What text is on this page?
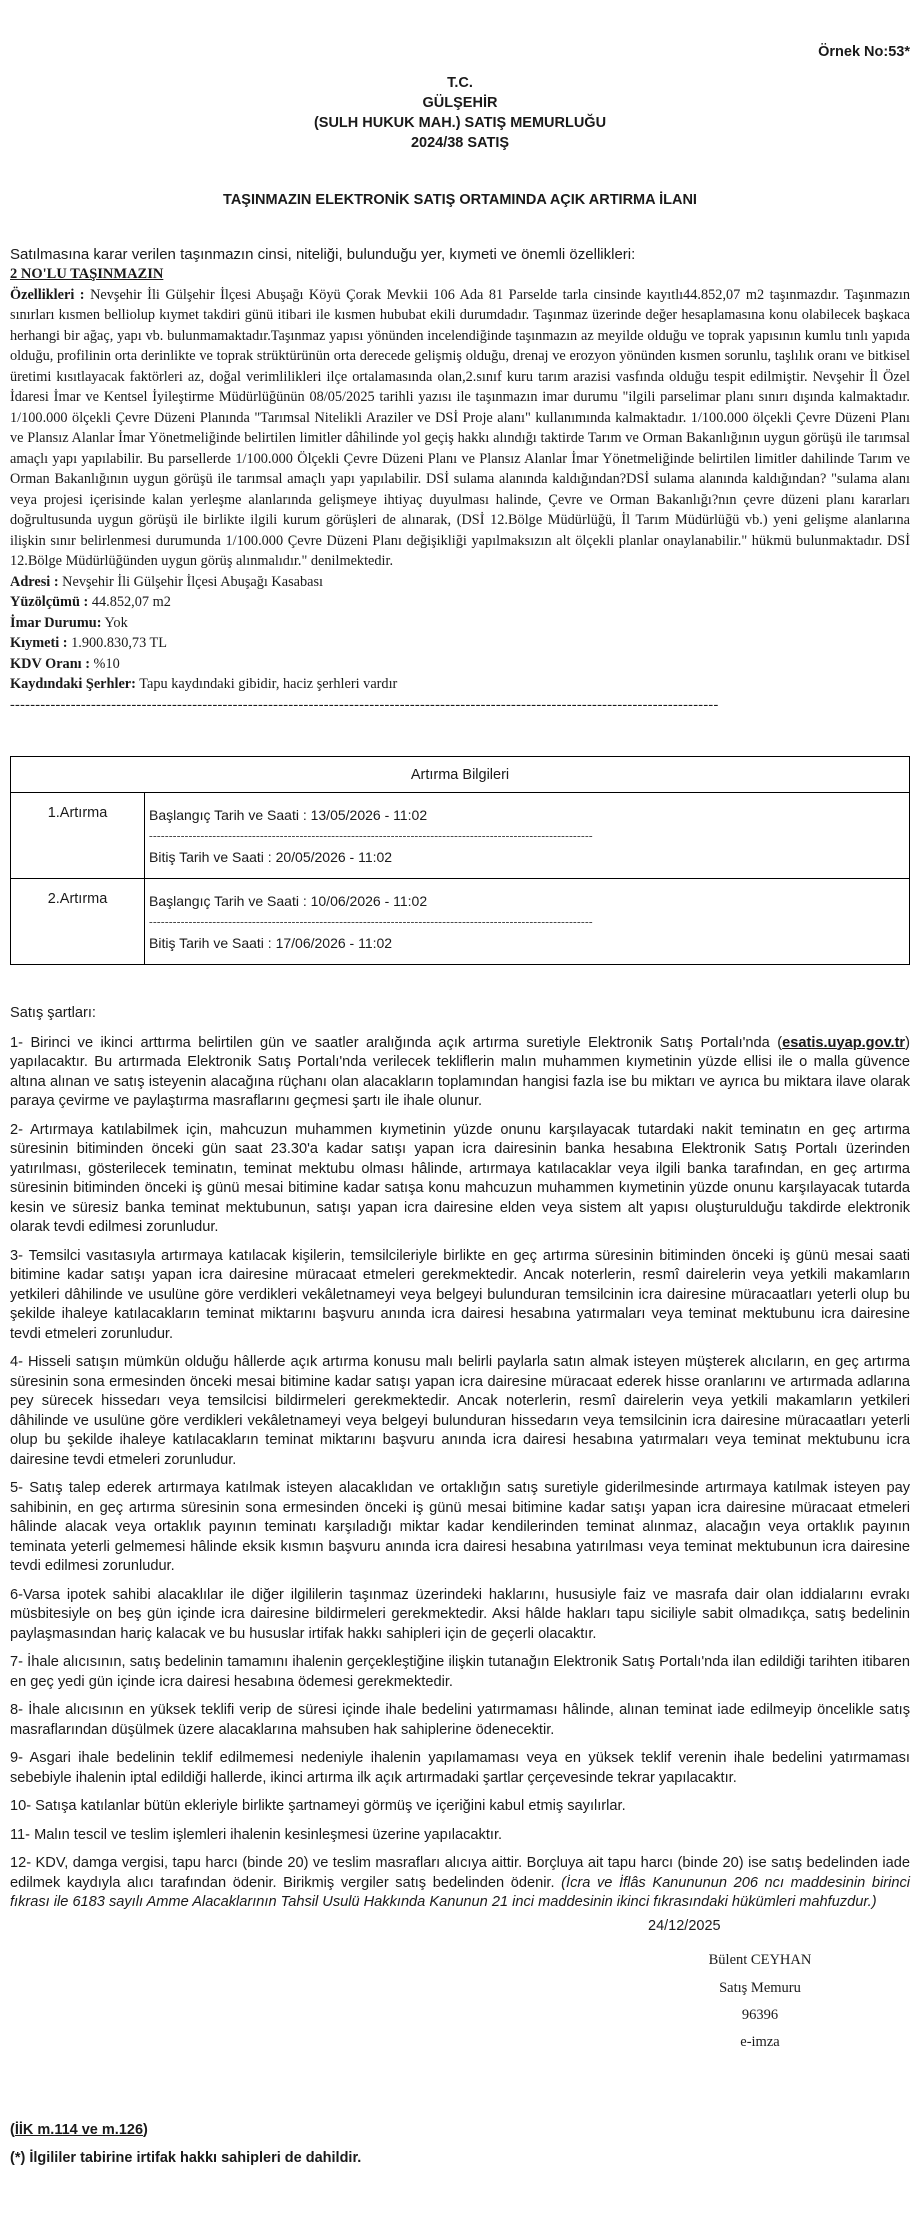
Örnek No:53*
T.C.
GÜLŞEHİR
(SULH HUKUK MAH.) SATIŞ MEMURLUĞU
2024/38 SATIŞ
TAŞINMAZIN ELEKTRONİK SATIŞ ORTAMINDA AÇIK ARTIRMA İLANI
Satılmasına karar verilen taşınmazın cinsi, niteliği, bulunduğu yer, kıymeti ve önemli özellikleri:
2 NO'LU TAŞINMAZIN
Özellikleri : Nevşehir İli Gülşehir İlçesi Abuşağı Köyü Çorak Mevkii 106 Ada 81 Parselde tarla cinsinde kayıtlı44.852,07 m2 taşınmazdır. Taşınmazın sınırları kısmen belliolup kıymet takdiri günü itibari ile kısmen hububat ekili durumdadır. Taşınmaz üzerinde değer hesaplamasına konu olabilecek başkaca herhangi bir ağaç, yapı vb. bulunmamaktadır.Taşınmaz yapısı yönünden incelendiğinde taşınmazın az meyilde olduğu ve toprak yapısının kumlu tınlı yapıda olduğu, profilinin orta derinlikte ve toprak strüktürünün orta derecede gelişmiş olduğu, drenaj ve erozyon yönünden kısmen sorunlu, taşlılık oranı ve bitkisel üretimi kısıtlayacak faktörleri az, doğal verimlilikleri ilçe ortalamasında olan,2.sınıf kuru tarım arazisi vasfında olduğu tespit edilmiştir. Nevşehir İl Özel İdaresi İmar ve Kentsel İyileştirme Müdürlüğünün 08/05/2025 tarihli yazısı ile taşınmazın imar durumu "ilgili parselimar planı sınırı dışında kalmaktadır. 1/100.000 ölçekli Çevre Düzeni Planında "Tarımsal Nitelikli Araziler ve DSİ Proje alanı" kullanımında kalmaktadır. 1/100.000 ölçekli Çevre Düzeni Planı ve Plansız Alanlar İmar Yönetmeliğinde belirtilen limitler dâhilinde yol geçiş hakkı alındığı taktirde Tarım ve Orman Bakanlığının uygun görüşü ile tarımsal amaçlı yapı yapılabilir. Bu parsellerde 1/100.000 Ölçekli Çevre Düzeni Planı ve Plansız Alanlar İmar Yönetmeliğinde belirtilen limitler dahilinde Tarım ve Orman Bakanlığının uygun görüşü ile tarımsal amaçlı yapı yapılabilir. DSİ sulama alanında kaldığından?DSİ sulama alanında kaldığından? "sulama alanı veya projesi içerisinde kalan yerleşme alanlarında gelişmeye ihtiyaç duyulması halinde, Çevre ve Orman Bakanlığı?nın çevre düzeni planı kararları doğrultusunda uygun görüşü ile birlikte ilgili kurum görüşleri de alınarak, (DSİ 12.Bölge Müdürlüğü, İl Tarım Müdürlüğü vb.) yeni gelişme alanlarına ilişkin sınır belirlenmesi durumunda 1/100.000 Çevre Düzeni Planı değişikliği yapılmaksızın alt ölçekli planlar onaylanabilir." hükmü bulunmaktadır. DSİ 12.Bölge Müdürlüğünden uygun görüş alınmalıdır." denilmektedir.
Adresi : Nevşehir İli Gülşehir İlçesi Abuşağı Kasabası
Yüzölçümü : 44.852,07 m2
İmar Durumu: Yok
Kıymeti : 1.900.830,73 TL
KDV Oranı : %10
Kaydındaki Şerhler: Tapu kaydındaki gibidir, haciz şerhleri vardır
--------------------------------------------------------------------------------------------------------------------------------------------
Artırma Bilgileri	
1.Artırma	Başlangıç Tarih ve Saati : 13/05/2026 - 11:02
----------------------------------------------------------------------------------------------------------------
Bitiş Tarih ve Saati : 20/05/2026 - 11:02

2.Artırma	Başlangıç Tarih ve Saati : 10/06/2026 - 11:02
----------------------------------------------------------------------------------------------------------------
Bitiş Tarih ve Saati : 17/06/2026 - 11:02
Satış şartları:

1- Birinci ve ikinci arttırma belirtilen gün ve saatler aralığında açık artırma suretiyle Elektronik Satış Portalı'nda (esatis.uyap.gov.tr) yapılacaktır. Bu artırmada Elektronik Satış Portalı'nda verilecek tekliflerin malın muhammen kıymetinin yüzde ellisi ile o malla güvence altına alınan ve satış isteyenin alacağına rüçhanı olan alacakların toplamından hangisi fazla ise bu miktarı ve ayrıca bu miktara ilave olarak paraya çevirme ve paylaştırma masraflarını geçmesi şartı ile ihale olunur.

2- Artırmaya katılabilmek için, mahcuzun muhammen kıymetinin yüzde onunu karşılayacak tutardaki nakit teminatın en geç artırma süresinin bitiminden önceki gün saat 23.30'a kadar satışı yapan icra dairesinin banka hesabına Elektronik Satış Portalı üzerinden yatırılması, gösterilecek teminatın, teminat mektubu olması hâlinde, artırmaya katılacaklar veya ilgili banka tarafından, en geç artırma süresinin bitiminden önceki iş günü mesai bitimine kadar satışa konu mahcuzun muhammen kıymetinin yüzde onunu karşılayacak tutarda kesin ve süresiz banka teminat mektubunun, satışı yapan icra dairesine elden veya sistem alt yapısı oluşturulduğu takdirde elektronik olarak tevdi edilmesi zorunludur.

3- Temsilci vasıtasıyla artırmaya katılacak kişilerin, temsilcileriyle birlikte en geç artırma süresinin bitiminden önceki iş günü mesai saati bitimine kadar satışı yapan icra dairesine müracaat etmeleri gerekmektedir. Ancak noterlerin, resmî dairelerin veya yetkili makamların yetkileri dâhilinde ve usulüne göre verdikleri vekâletnameyi veya belgeyi bulunduran temsilcinin icra dairesine müracaatları yeterli olup bu şekilde ihaleye katılacakların teminat miktarını başvuru anında icra dairesi hesabına yatırmaları veya teminat mektubunu icra dairesine tevdi etmeleri zorunludur.

4- Hisseli satışın mümkün olduğu hâllerde açık artırma konusu malı belirli paylarla satın almak isteyen müşterek alıcıların, en geç artırma süresinin sona ermesinden önceki mesai bitimine kadar satışı yapan icra dairesine müracaat ederek hisse oranlarını ve artırmada adlarına pey sürecek hissedarı veya temsilcisi bildirmeleri gerekmektedir. Ancak noterlerin, resmî dairelerin veya yetkili makamların yetkileri dâhilinde ve usulüne göre verdikleri vekâletnameyi veya belgeyi bulunduran hissedarın veya temsilcinin icra dairesine müracaatları yeterli olup bu şekilde ihaleye katılacakların teminat miktarını başvuru anında icra dairesi hesabına yatırmaları veya teminat mektubunu icra dairesine tevdi etmeleri zorunludur.

5- Satış talep ederek artırmaya katılmak isteyen alacaklıdan ve ortaklığın satış suretiyle giderilmesinde artırmaya katılmak isteyen pay sahibinin, en geç artırma süresinin sona ermesinden önceki iş günü mesai bitimine kadar satışı yapan icra dairesine müracaat etmeleri hâlinde alacak veya ortaklık payının teminatı karşıladığı miktar kadar kendilerinden teminat alınmaz, alacağın veya ortaklık payının teminata yeterli gelmemesi hâlinde eksik kısmın başvuru anında icra dairesi hesabına yatırılması veya teminat mektubunun icra dairesine tevdi edilmesi zorunludur.

6-Varsa ipotek sahibi alacaklılar ile diğer ilgililerin taşınmaz üzerindeki haklarını, hususiyle faiz ve masrafa dair olan iddialarını evrakı müsbitesiyle on beş gün içinde icra dairesine bildirmeleri gerekmektedir. Aksi hâlde hakları tapu siciliyle sabit olmadıkça, satış bedelinin paylaşmasından hariç kalacak ve bu hususlar irtifak hakkı sahipleri için de geçerli olacaktır.

7- İhale alıcısının, satış bedelinin tamamını ihalenin gerçekleştiğine ilişkin tutanağın Elektronik Satış Portalı'nda ilan edildiği tarihten itibaren en geç yedi gün içinde icra dairesi hesabına ödemesi gerekmektedir.

8- İhale alıcısının en yüksek teklifi verip de süresi içinde ihale bedelini yatırmaması hâlinde, alınan teminat iade edilmeyip öncelikle satış masraflarından düşülmek üzere alacaklarına mahsuben hak sahiplerine ödenecektir.

9- Asgari ihale bedelinin teklif edilmemesi nedeniyle ihalenin yapılamaması veya en yüksek teklif verenin ihale bedelini yatırmaması sebebiyle ihalenin iptal edildiği hallerde, ikinci artırma ilk açık artırmadaki şartlar çerçevesinde tekrar yapılacaktır.

10- Satışa katılanlar bütün ekleriyle birlikte şartnameyi görmüş ve içeriğini kabul etmiş sayılırlar.

11- Malın tescil ve teslim işlemleri ihalenin kesinleşmesi üzerine yapılacaktır.

12- KDV, damga vergisi, tapu harcı (binde 20) ve teslim masrafları alıcıya aittir. Borçluya ait tapu harcı (binde 20) ise satış bedelinden iade edilmek kaydıyla alıcı tarafından ödenir. Birikmiş vergiler satış bedelinden ödenir. (İcra ve İflâs Kanununun 206 ncı maddesinin birinci fıkrası ile 6183 sayılı Amme Alacaklarının Tahsil Usulü Hakkında Kanunun 21 inci maddesinin ikinci fıkrasındaki hükümleri mahfuzdur.)

24/12/2025
Bülent CEYHAN
Satış Memuru
96396
e-imza
(İİK m.114 ve m.126)
(*) İlgililer tabirine irtifak hakkı sahipleri de dahildir.
